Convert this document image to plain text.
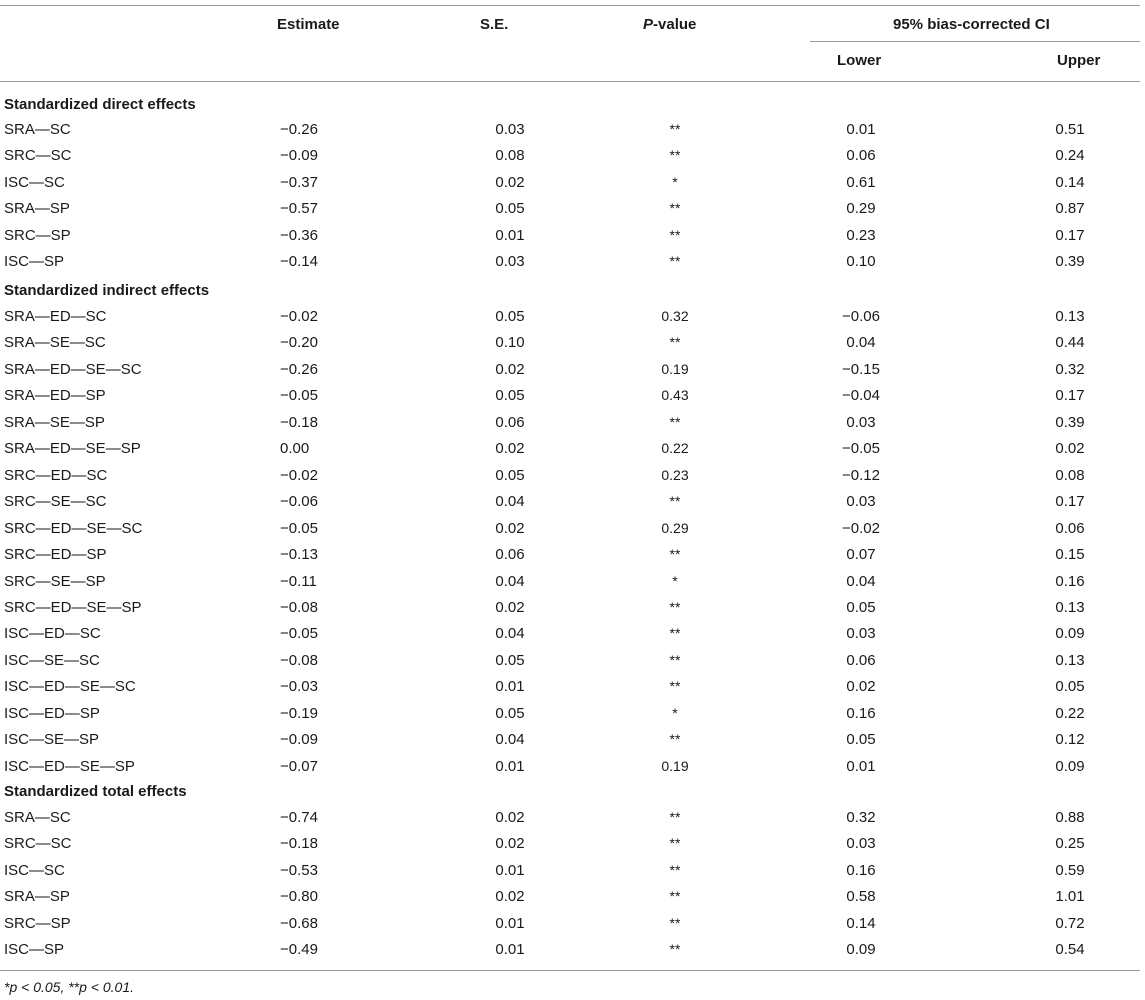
Estimate	S.E.	P-value	95% bias-corrected CI
Lower	Upper
Standardized direct effects
SRA—SC	−0.26	0.03	**	0.01	0.51
SRC—SC	−0.09	0.08	**	0.06	0.24
ISC—SC	−0.37	0.02	*	0.61	0.14
SRA—SP	−0.57	0.05	**	0.29	0.87
SRC—SP	−0.36	0.01	**	0.23	0.17
ISC—SP	−0.14	0.03	**	0.10	0.39
Standardized indirect effects
SRA—ED—SC	−0.02	0.05	0.32	−0.06	0.13
SRA—SE—SC	−0.20	0.10	**	0.04	0.44
SRA—ED—SE—SC	−0.26	0.02	0.19	−0.15	0.32
SRA—ED—SP	−0.05	0.05	0.43	−0.04	0.17
SRA—SE—SP	−0.18	0.06	**	0.03	0.39
SRA—ED—SE—SP	0.00	0.02	0.22	−0.05	0.02
SRC—ED—SC	−0.02	0.05	0.23	−0.12	0.08
SRC—SE—SC	−0.06	0.04	**	0.03	0.17
SRC—ED—SE—SC	−0.05	0.02	0.29	−0.02	0.06
SRC—ED—SP	−0.13	0.06	**	0.07	0.15
SRC—SE—SP	−0.11	0.04	*	0.04	0.16
SRC—ED—SE—SP	−0.08	0.02	**	0.05	0.13
ISC—ED—SC	−0.05	0.04	**	0.03	0.09
ISC—SE—SC	−0.08	0.05	**	0.06	0.13
ISC—ED—SE—SC	−0.03	0.01	**	0.02	0.05
ISC—ED—SP	−0.19	0.05	*	0.16	0.22
ISC—SE—SP	−0.09	0.04	**	0.05	0.12
ISC—ED—SE—SP	−0.07	0.01	0.19	0.01	0.09
Standardized total effects
SRA—SC	−0.74	0.02	**	0.32	0.88
SRC—SC	−0.18	0.02	**	0.03	0.25
ISC—SC	−0.53	0.01	**	0.16	0.59
SRA—SP	−0.80	0.02	**	0.58	1.01
SRC—SP	−0.68	0.01	**	0.14	0.72
ISC—SP	−0.49	0.01	**	0.09	0.54
*p < 0.05, **p < 0.01.
